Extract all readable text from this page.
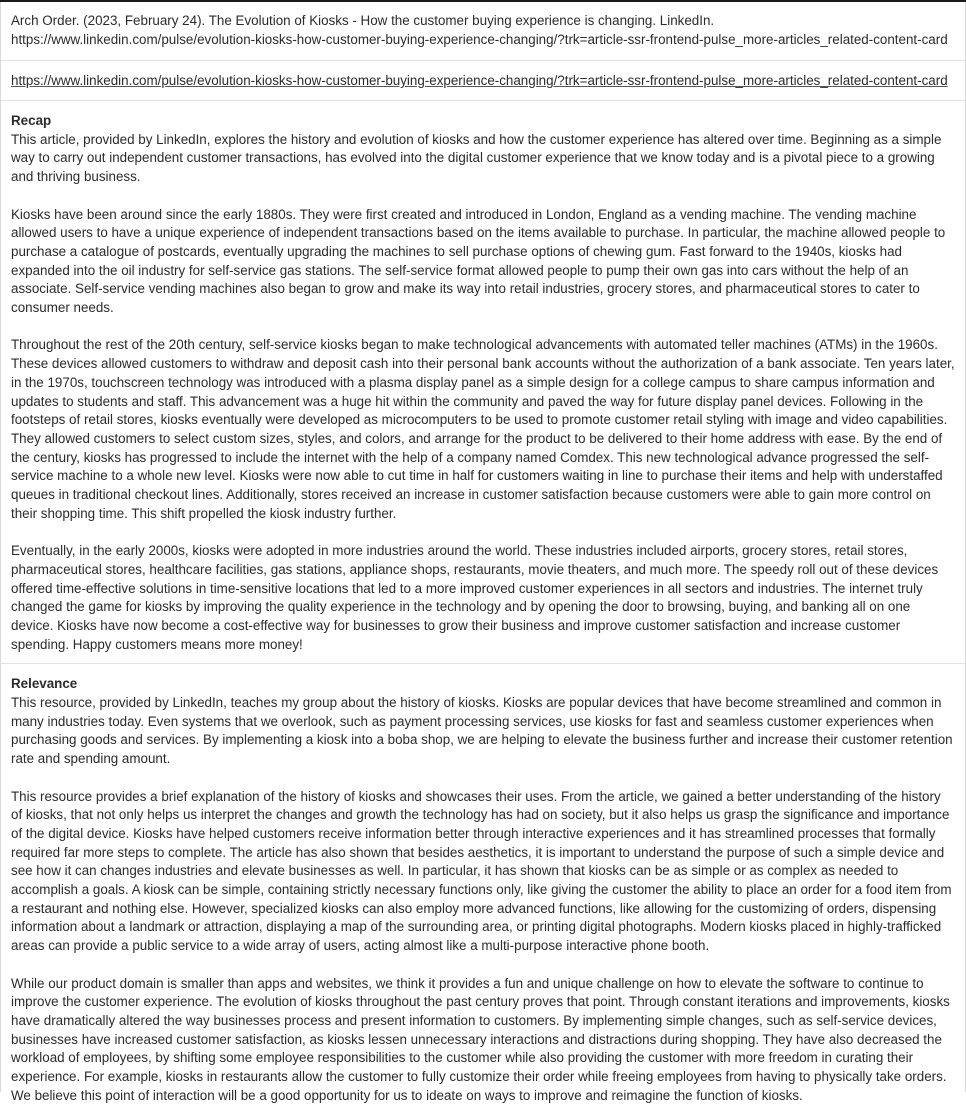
Arch Order. (2023, February 24). The Evolution of Kiosks - How the customer buying experience is changing. LinkedIn. https://www.linkedin.com/pulse/evolution-kiosks-how-customer-buying-experience-changing/?trk=article-ssr-frontend-pulse_more-articles_related-content-card

https://www.linkedin.com/pulse/evolution-kiosks-how-customer-buying-experience-changing/?trk=article-ssr-frontend-pulse_more-articles_related-content-card

Recap

This article, provided by LinkedIn, explores the history and evolution of kiosks and how the customer experience has altered over time. Beginning as a simple way to carry out independent customer transactions, has evolved into the digital customer experience that we know today and is a pivotal piece to a growing and thriving business.

Kiosks have been around since the early 1880s. They were first created and introduced in London, England as a vending machine. The vending machine allowed users to have a unique experience of independent transactions based on the items available to purchase. In particular, the machine allowed people to purchase a catalogue of postcards, eventually upgrading the machines to sell purchase options of chewing gum. Fast forward to the 1940s, kiosks had expanded into the oil industry for self-service gas stations. The self-service format allowed people to pump their own gas into cars without the help of an associate. Self-service vending machines also began to grow and make its way into retail industries, grocery stores, and pharmaceutical stores to cater to consumer needs.

Throughout the rest of the 20th century, self-service kiosks began to make technological advancements with automated teller machines (ATMs) in the 1960s. These devices allowed customers to withdraw and deposit cash into their personal bank accounts without the authorization of a bank associate. Ten years later, in the 1970s, touchscreen technology was introduced with a plasma display panel as a simple design for a college campus to share campus information and updates to students and staff. This advancement was a huge hit within the community and paved the way for future display panel devices. Following in the footsteps of retail stores, kiosks eventually were developed as microcomputers to be used to promote customer retail styling with image and video capabilities. They allowed customers to select custom sizes, styles, and colors, and arrange for the product to be delivered to their home address with ease. By the end of the century, kiosks has progressed to include the internet with the help of a company named Comdex. This new technological advance progressed the self-service machine to a whole new level. Kiosks were now able to cut time in half for customers waiting in line to purchase their items and help with understaffed queues in traditional checkout lines. Additionally, stores received an increase in customer satisfaction because customers were able to gain more control on their shopping time. This shift propelled the kiosk industry further.

Eventually, in the early 2000s, kiosks were adopted in more industries around the world. These industries included airports, grocery stores, retail stores, pharmaceutical stores, healthcare facilities, gas stations, appliance shops, restaurants, movie theaters, and much more. The speedy roll out of these devices offered time-effective solutions in time-sensitive locations that led to a more improved customer experiences in all sectors and industries. The internet truly changed the game for kiosks by improving the quality experience in the technology and by opening the door to browsing, buying, and banking all on one device. Kiosks have now become a cost-effective way for businesses to grow their business and improve customer satisfaction and increase customer spending. Happy customers means more money!

Relevance

This resource, provided by LinkedIn, teaches my group about the history of kiosks. Kiosks are popular devices that have become streamlined and common in many industries today. Even systems that we overlook, such as payment processing services, use kiosks for fast and seamless customer experiences when purchasing goods and services. By implementing a kiosk into a boba shop, we are helping to elevate the business further and increase their customer retention rate and spending amount.

This resource provides a brief explanation of the history of kiosks and showcases their uses. From the article, we gained a better understanding of the history of kiosks, that not only helps us interpret the changes and growth the technology has had on society, but it also helps us grasp the significance and importance of the digital device. Kiosks have helped customers receive information better through interactive experiences and it has streamlined processes that formally required far more steps to complete. The article has also shown that besides aesthetics, it is important to understand the purpose of such a simple device and see how it can changes industries and elevate businesses as well. In particular, it has shown that kiosks can be as simple or as complex as needed to accomplish a goals. A kiosk can be simple, containing strictly necessary functions only, like giving the customer the ability to place an order for a food item from a restaurant and nothing else. However, specialized kiosks can also employ more advanced functions, like allowing for the customizing of orders, dispensing information about a landmark or attraction, displaying a map of the surrounding area, or printing digital photographs. Modern kiosks placed in highly-trafficked areas can provide a public service to a wide array of users, acting almost like a multi-purpose interactive phone booth.

While our product domain is smaller than apps and websites, we think it provides a fun and unique challenge on how to elevate the software to continue to improve the customer experience. The evolution of kiosks throughout the past century proves that point. Through constant iterations and improvements, kiosks have dramatically altered the way businesses process and present information to customers. By implementing simple changes, such as self-service devices, businesses have increased customer satisfaction, as kiosks lessen unnecessary interactions and distractions during shopping. They have also decreased the workload of employees, by shifting some employee responsibilities to the customer while also providing the customer with more freedom in curating their experience. For example, kiosks in restaurants allow the customer to fully customize their order while freeing employees from having to physically take orders. We believe this point of interaction will be a good opportunity for us to ideate on ways to improve and reimagine the function of kiosks.
